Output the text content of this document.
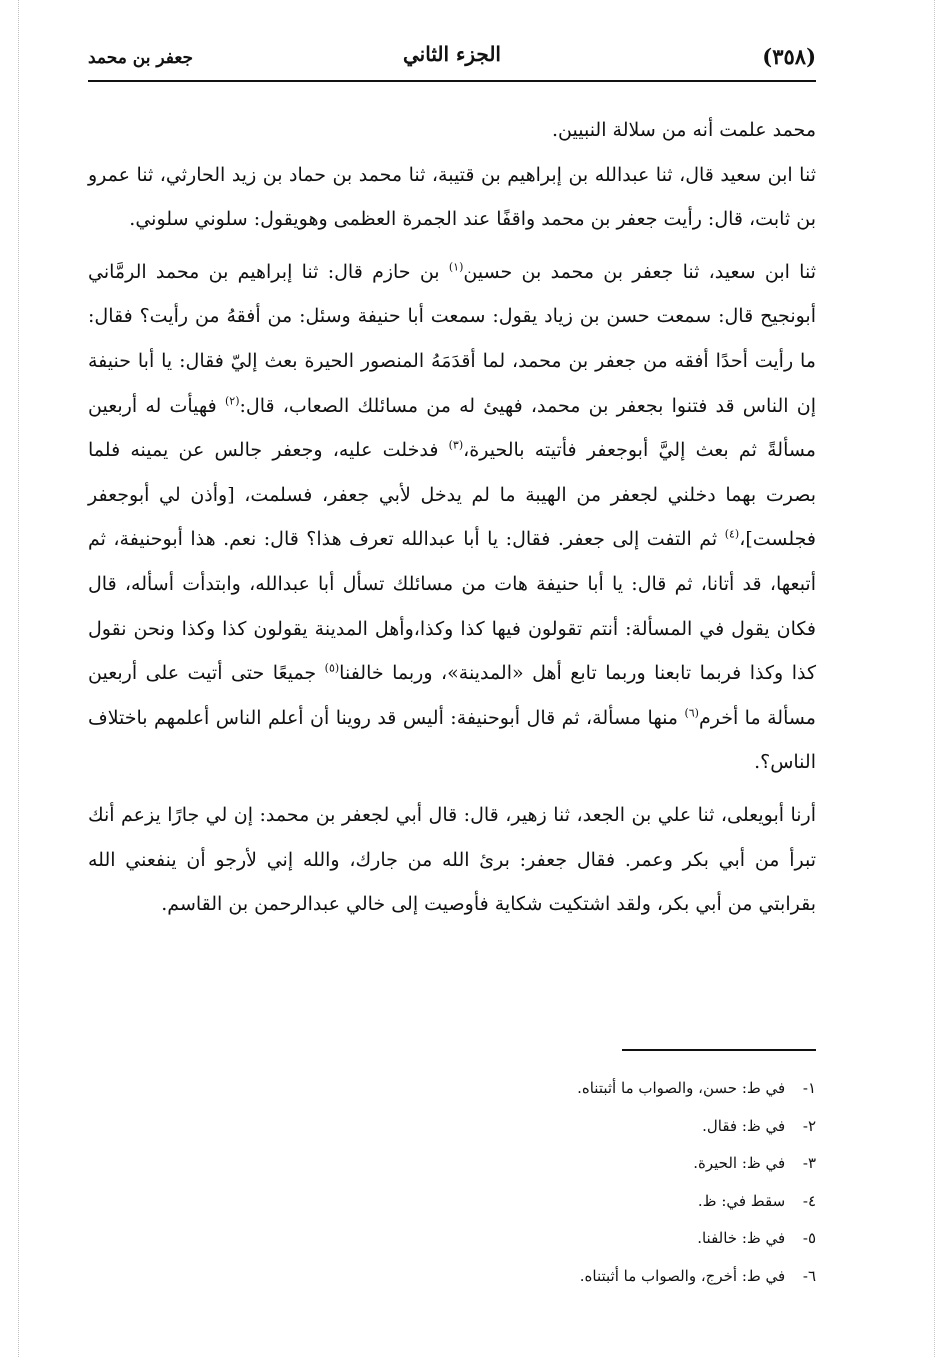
جعفر بن محمد	الجزء الثاني	(٣٥٨)

محمد علمت أنه من سلالة النبيين.

ثنا ابن سعيد قال، ثنا عبدالله بن إبراهيم بن قتيبة، ثنا محمد بن حماد بن زيد الحارثي، ثنا عمرو بن ثابت، قال: رأيت جعفر بن محمد واقفًا عند الجمرة العظمى وهويقول: سلوني سلوني.

ثنا ابن سعيد، ثنا جعفر بن محمد بن حسين$^{(١)}$ بن حازم قال: ثنا إبراهيم بن محمد الرمَّاني أبونجيح قال: سمعت حسن بن زياد يقول: سمعت أبا حنيفة وسئل: من أفقهُ من رأيت؟ فقال: ما رأيت أحدًا أفقه من جعفر بن محمد، لما أقدَمَهُ المنصور الحيرة بعث إليّ فقال: يا أبا حنيفة إن الناس قد فتنوا بجعفر بن محمد، فهيئ له من مسائلك الصعاب، قال:$^{(٢)}$ فهيأت له أربعين مسألةً ثم بعث إليَّ أبوجعفر فأتيته بالحيرة،$^{(٣)}$ فدخلت عليه، وجعفر جالس عن يمينه فلما بصرت بهما دخلني لجعفر من الهيبة ما لم يدخل لأبي جعفر، فسلمت، [وأذن لي أبوجعفر فجلست]،$^{(٤)}$ ثم التفت إلى جعفر. فقال: يا أبا عبدالله تعرف هذا؟ قال: نعم. هذا أبوحنيفة، ثم أتبعها، قد أتانا، ثم قال: يا أبا حنيفة هات من مسائلك تسأل أبا عبدالله، وابتدأت أسأله، قال فكان يقول في المسألة: أنتم تقولون فيها كذا وكذا،وأهل المدينة يقولون كذا وكذا ونحن نقول كذا وكذا فربما تابعنا وربما تابع أهل «المدينة»، وربما خالفنا$^{(٥)}$ جميعًا حتى أتيت على أربعين مسألة ما أخرم$^{(٦)}$ منها مسألة، ثم قال أبوحنيفة: أليس قد روينا أن أعلم الناس أعلمهم باختلاف الناس؟.

أرنا أبويعلى، ثنا علي بن الجعد، ثنا زهير، قال: قال أبي لجعفر بن محمد: إن لي جارًا يزعم أنك تبرأ من أبي بكر وعمر. فقال جعفر: برئ الله من جارك، والله إني لأرجو أن ينفعني الله بقرابتي من أبي بكر، ولقد اشتكيت شكاية فأوصيت إلى خالي عبدالرحمن بن القاسم.

١- في ط: حسن، والصواب ما أثبتناه.

٢- في ظ: فقال.

٣- في ظ: الحيرة.

٤- سقط في: ظ.

٥- في ظ: خالفنا.

٦- في ط: أخرج، والصواب ما أثبتناه.
